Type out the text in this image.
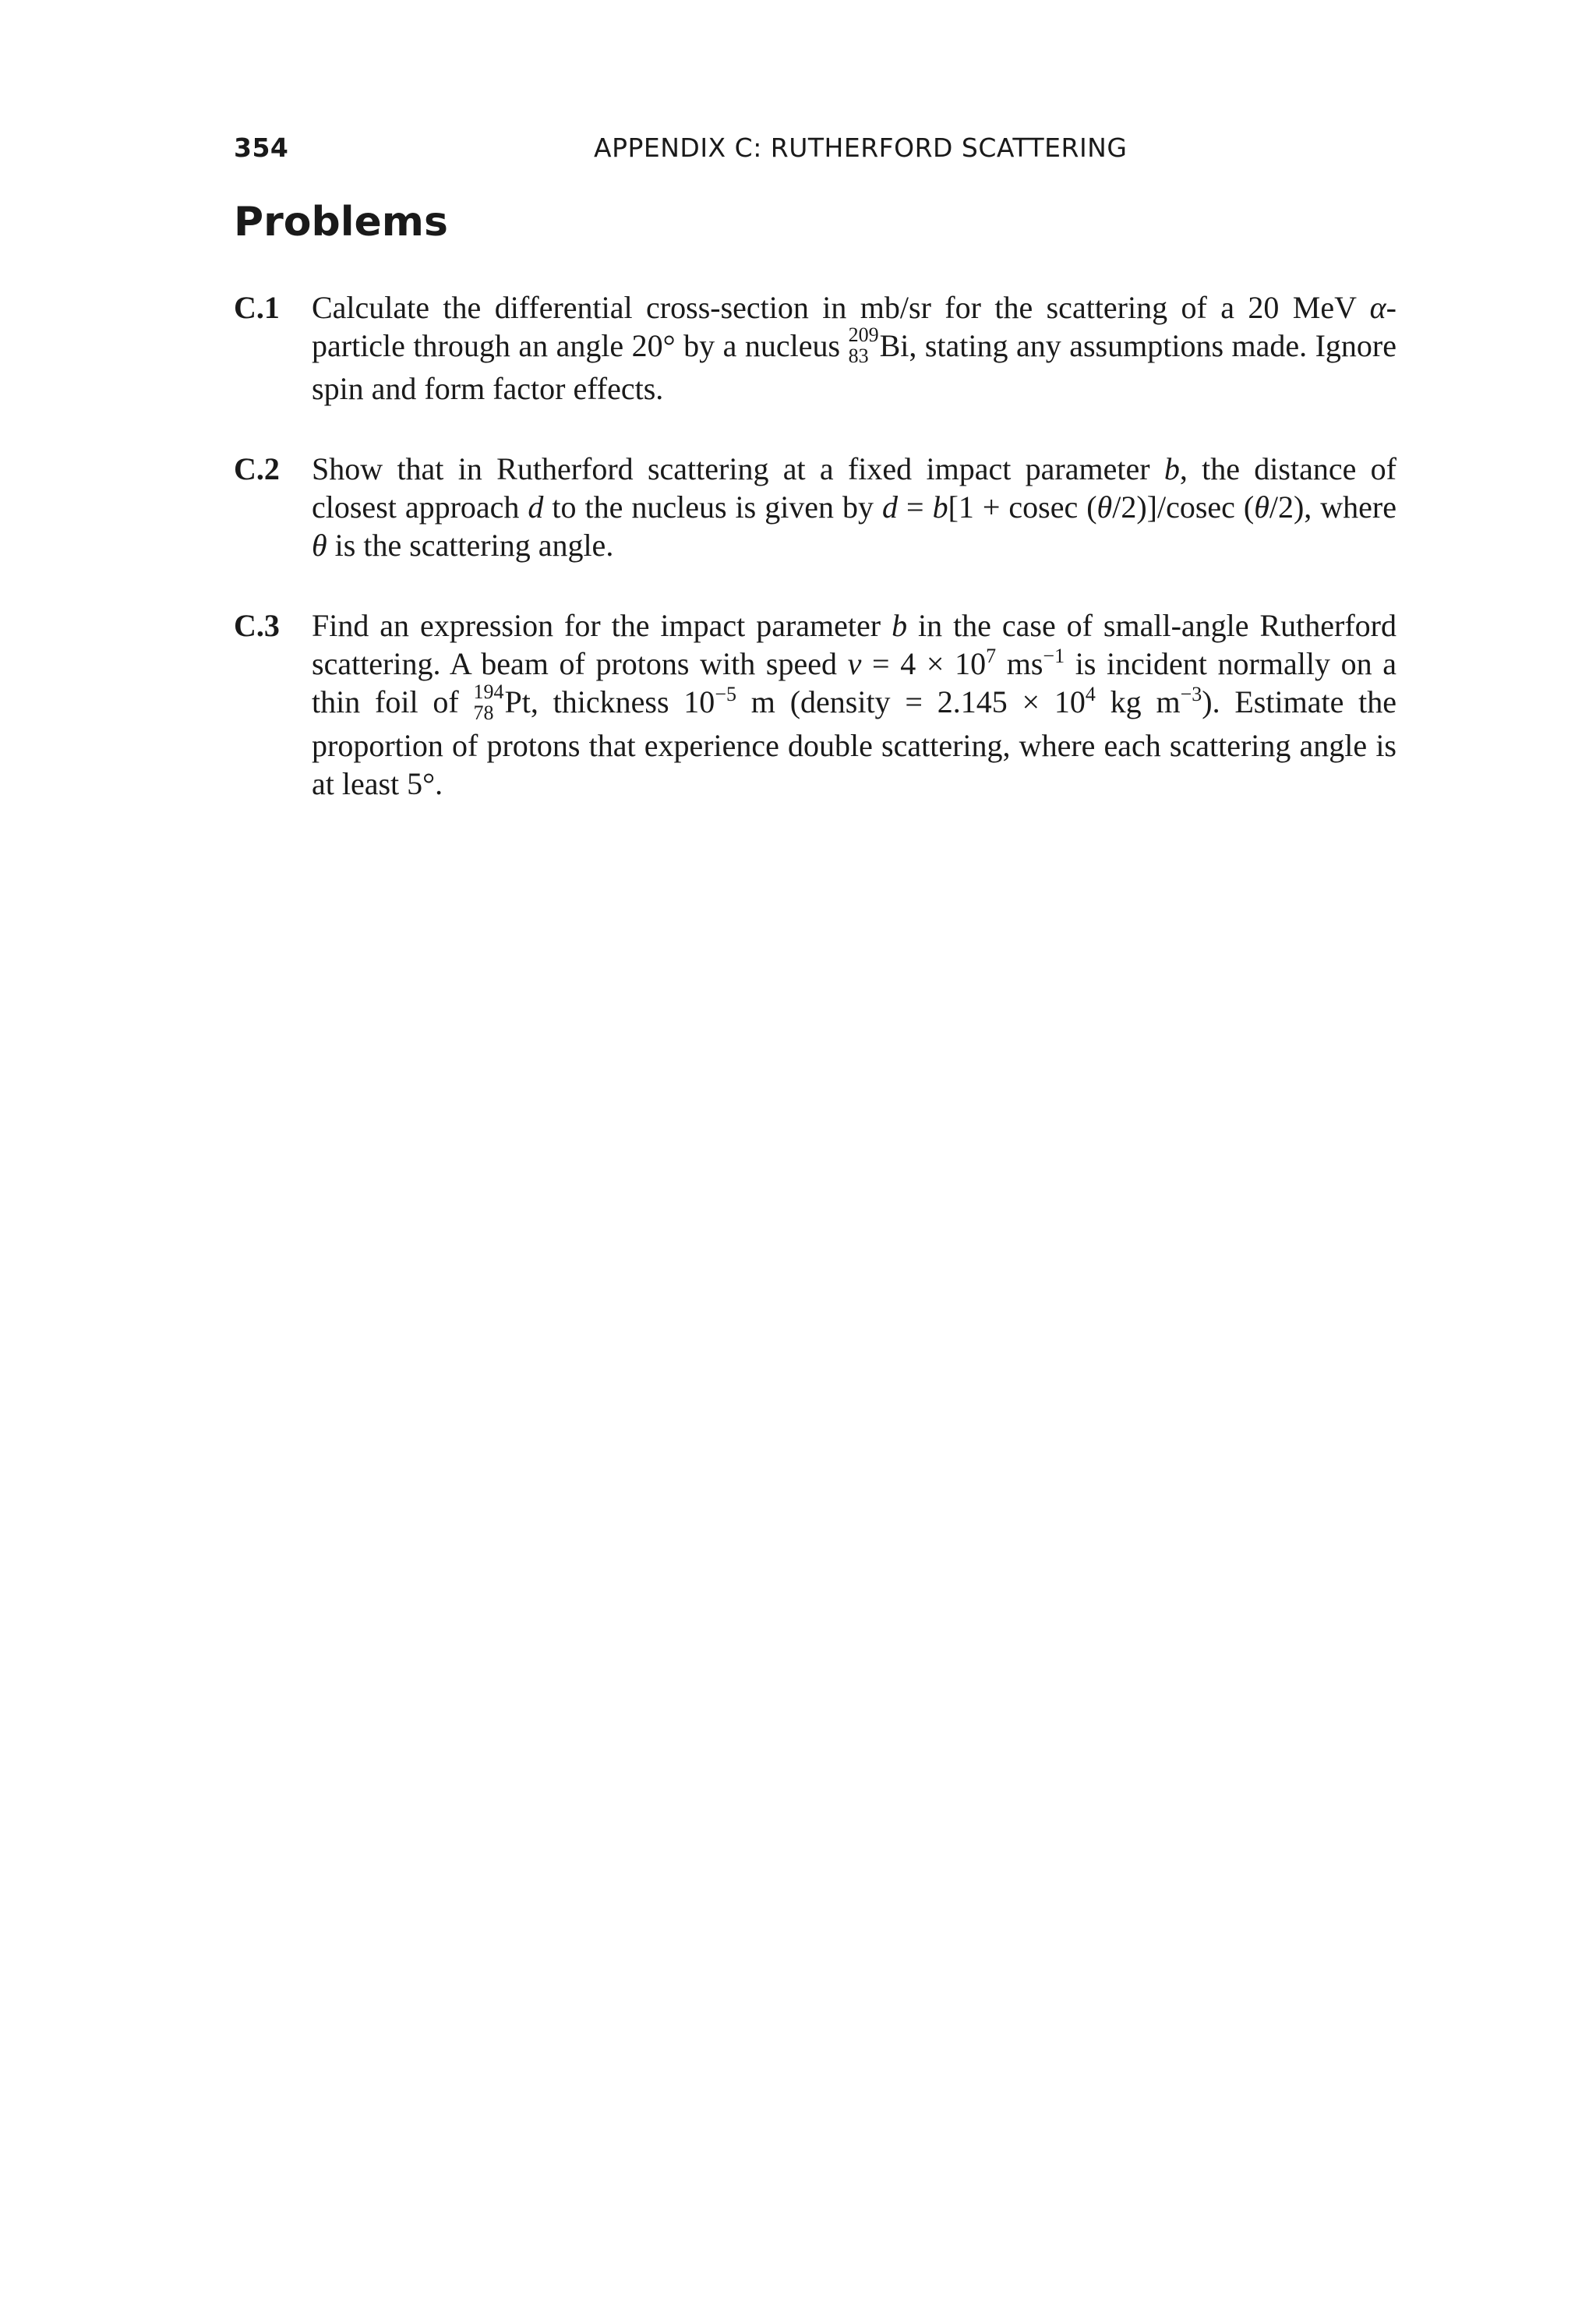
354	APPENDIX C: RUTHERFORD SCATTERING
Problems
C.1 Calculate the differential cross-section in mb/sr for the scattering of a 20 MeV α-particle through an angle 20° by a nucleus 209
83 Bi, stating any assumptions made. Ignore spin and form factor effects.
C.2 Show that in Rutherford scattering at a fixed impact parameter b, the distance of closest approach d to the nucleus is given by d = b[1 + cosec (θ/2)]/cosec (θ/2), where θ is the scattering angle.
C.3 Find an expression for the impact parameter b in the case of small-angle Rutherford scattering. A beam of protons with speed $v = 4 \times 10^7$ $ms^{-1}$ is incident normally on a thin foil of 194
78 Pt, thickness $10^{-5}$ m (density = $2.145 \times 10^4$ kg $m^{-3}$). Estimate the proportion of protons that experience double scattering, where each scattering angle is at least 5°.
